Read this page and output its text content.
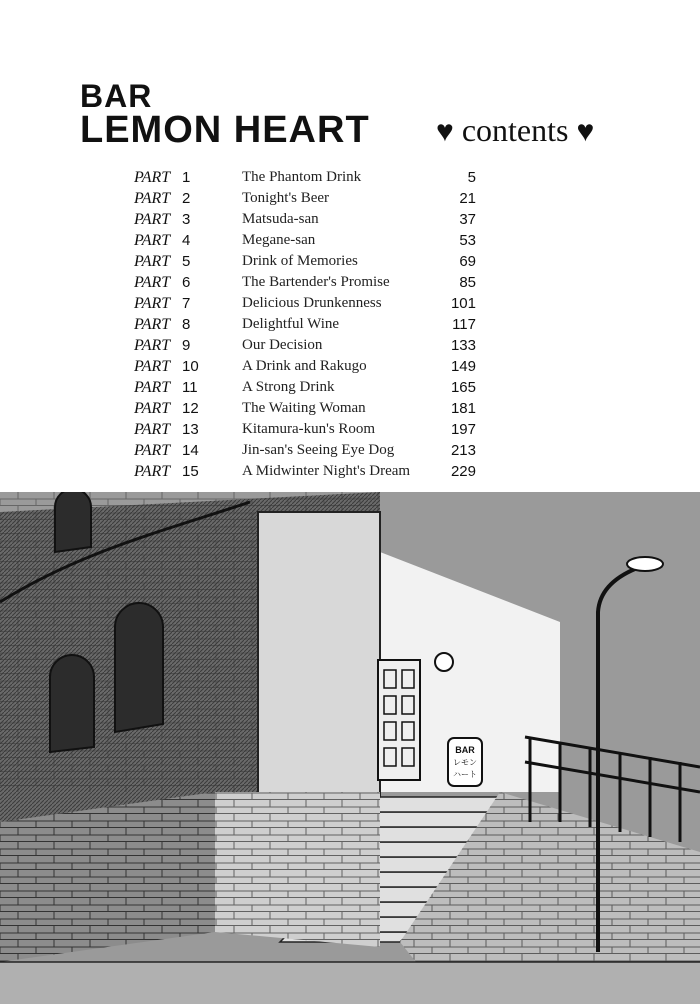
BAR
LEMON HEART ♥ contents ♥
PART 1	The Phantom Drink	5
PART 2	Tonight's Beer	21
PART 3	Matsuda-san	37
PART 4	Megane-san	53
PART 5	Drink of Memories	69
PART 6	The Bartender's Promise	85
PART 7	Delicious Drunkenness	101
PART 8	Delightful Wine	117
PART 9	Our Decision	133
PART 10	A Drink and Rakugo	149
PART 11	A Strong Drink	165
PART 12	The Waiting Woman	181
PART 13	Kitamura-kun's Room	197
PART 14	Jin-san's Seeing Eye Dog	213
PART 15	A Midwinter Night's Dream	229
BAR
レモン
ハート
